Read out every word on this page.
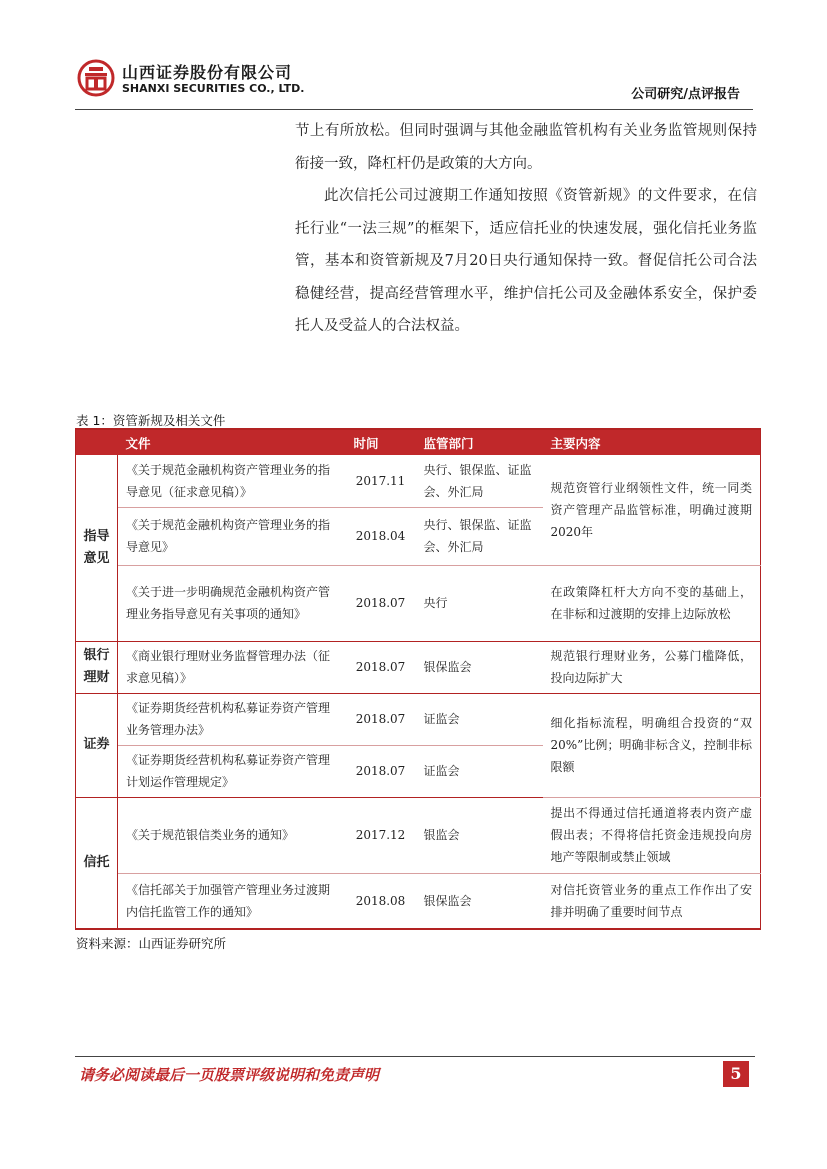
山西证券股份有限公司
SHANXI SECURITIES CO., LTD.	公司研究/点评报告
节上有所放松。但同时强调与其他金融监管机构有关业务监管规则保持衔接一致，降杠杆仍是政策的大方向。
此次信托公司过渡期工作通知按照《资管新规》的文件要求，在信托行业“一法三规”的框架下，适应信托业的快速发展，强化信托业务监管，基本和资管新规及7月20日央行通知保持一致。督促信托公司合法稳健经营，提高经营管理水平，维护信托公司及金融体系安全，保护委托人及受益人的合法权益。
表 1：资管新规及相关文件
	文件	时间	监管部门	主要内容
指导意见	《关于规范金融机构资产管理业务的指导意见（征求意见稿）》	2017.11	央行、银保监、证监会、外汇局	规范资管行业纲领性文件，统一同类资产管理产品监管标准，明确过渡期2020年
	《关于规范金融机构资产管理业务的指导意见》	2018.04	央行、银保监、证监会、外汇局	
	《关于进一步明确规范金融机构资产管理业务指导意见有关事项的通知》	2018.07	央行	在政策降杠杆大方向不变的基础上，在非标和过渡期的安排上边际放松
银行理财	《商业银行理财业务监督管理办法（征求意见稿）》	2018.07	银保监会	规范银行理财业务，公募门槛降低，投向边际扩大
证券	《证券期货经营机构私募证券资产管理业务管理办法》	2018.07	证监会	细化指标流程，明确组合投资的“双20%”比例；明确非标含义，控制非标限额
	《证券期货经营机构私募证券资产管理计划运作管理规定》	2018.07	证监会	
信托	《关于规范银信类业务的通知》	2017.12	银监会	提出不得通过信托通道将表内资产虚假出表；不得将信托资金违规投向房地产等限制或禁止领域
	《信托部关于加强管产管理业务过渡期内信托监管工作的通知》	2018.08	银保监会	对信托资管业务的重点工作作出了安排并明确了重要时间节点
资料来源：山西证券研究所
请务必阅读最后一页股票评级说明和免责声明	5
